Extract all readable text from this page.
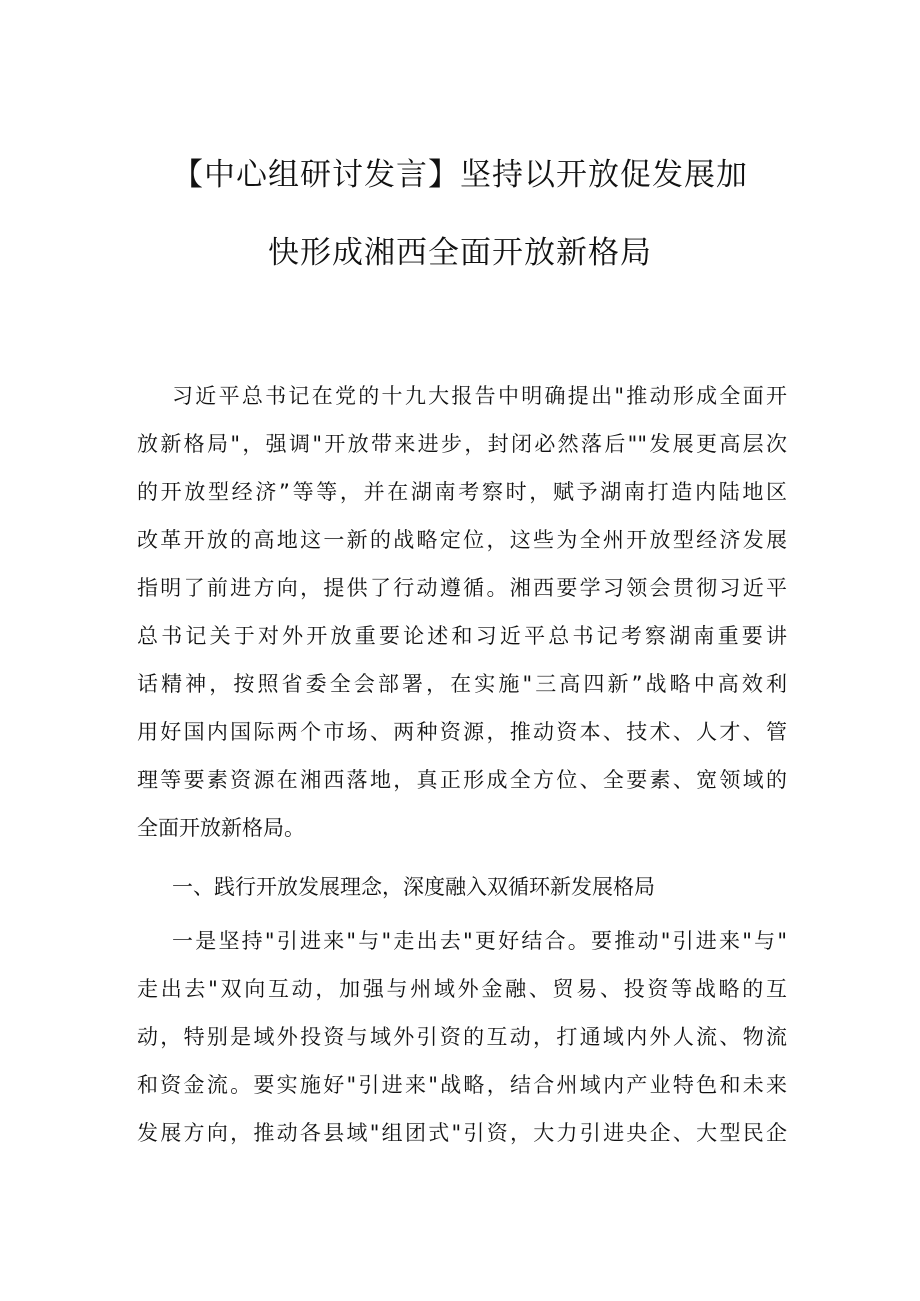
【中心组研讨发言】坚持以开放促发展加
快形成湘西全面开放新格局
习近平总书记在党的十九大报告中明确提出"推动形成全面开
放新格局"，强调"开放带来进步，封闭必然落后""发展更高层次
的开放型经济”等等，并在湖南考察时，赋予湖南打造内陆地区
改革开放的高地这一新的战略定位，这些为全州开放型经济发展
指明了前进方向，提供了行动遵循。湘西要学习领会贯彻习近平
总书记关于对外开放重要论述和习近平总书记考察湖南重要讲
话精神，按照省委全会部署，在实施"三高四新”战略中高效利
用好国内国际两个市场、两种资源，推动资本、技术、人才、管
理等要素资源在湘西落地，真正形成全方位、全要素、宽领域的
全面开放新格局。
一、践行开放发展理念，深度融入双循环新发展格局
一是坚持"引进来"与"走出去"更好结合。要推动"引进来"与"
走出去"双向互动，加强与州域外金融、贸易、投资等战略的互
动，特别是域外投资与域外引资的互动，打通域内外人流、物流
和资金流。要实施好"引进来"战略，结合州域内产业特色和未来
发展方向，推动各县域"组团式"引资，大力引进央企、大型民企
